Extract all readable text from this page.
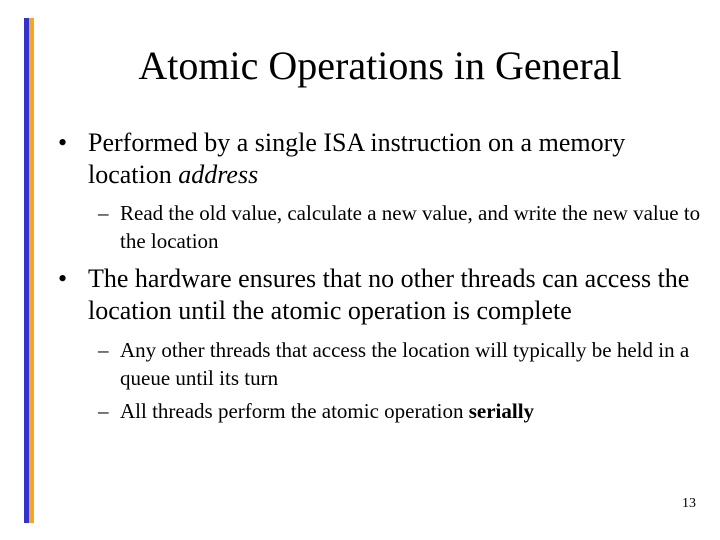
Atomic Operations in General
• Performed by a single ISA instruction on a memory location address
– Read the old value, calculate a new value, and write the new value to the location
• The hardware ensures that no other threads can access the location until the atomic operation is complete
– Any other threads that access the location will typically be held in a queue until its turn
– All threads perform the atomic operation serially
13
